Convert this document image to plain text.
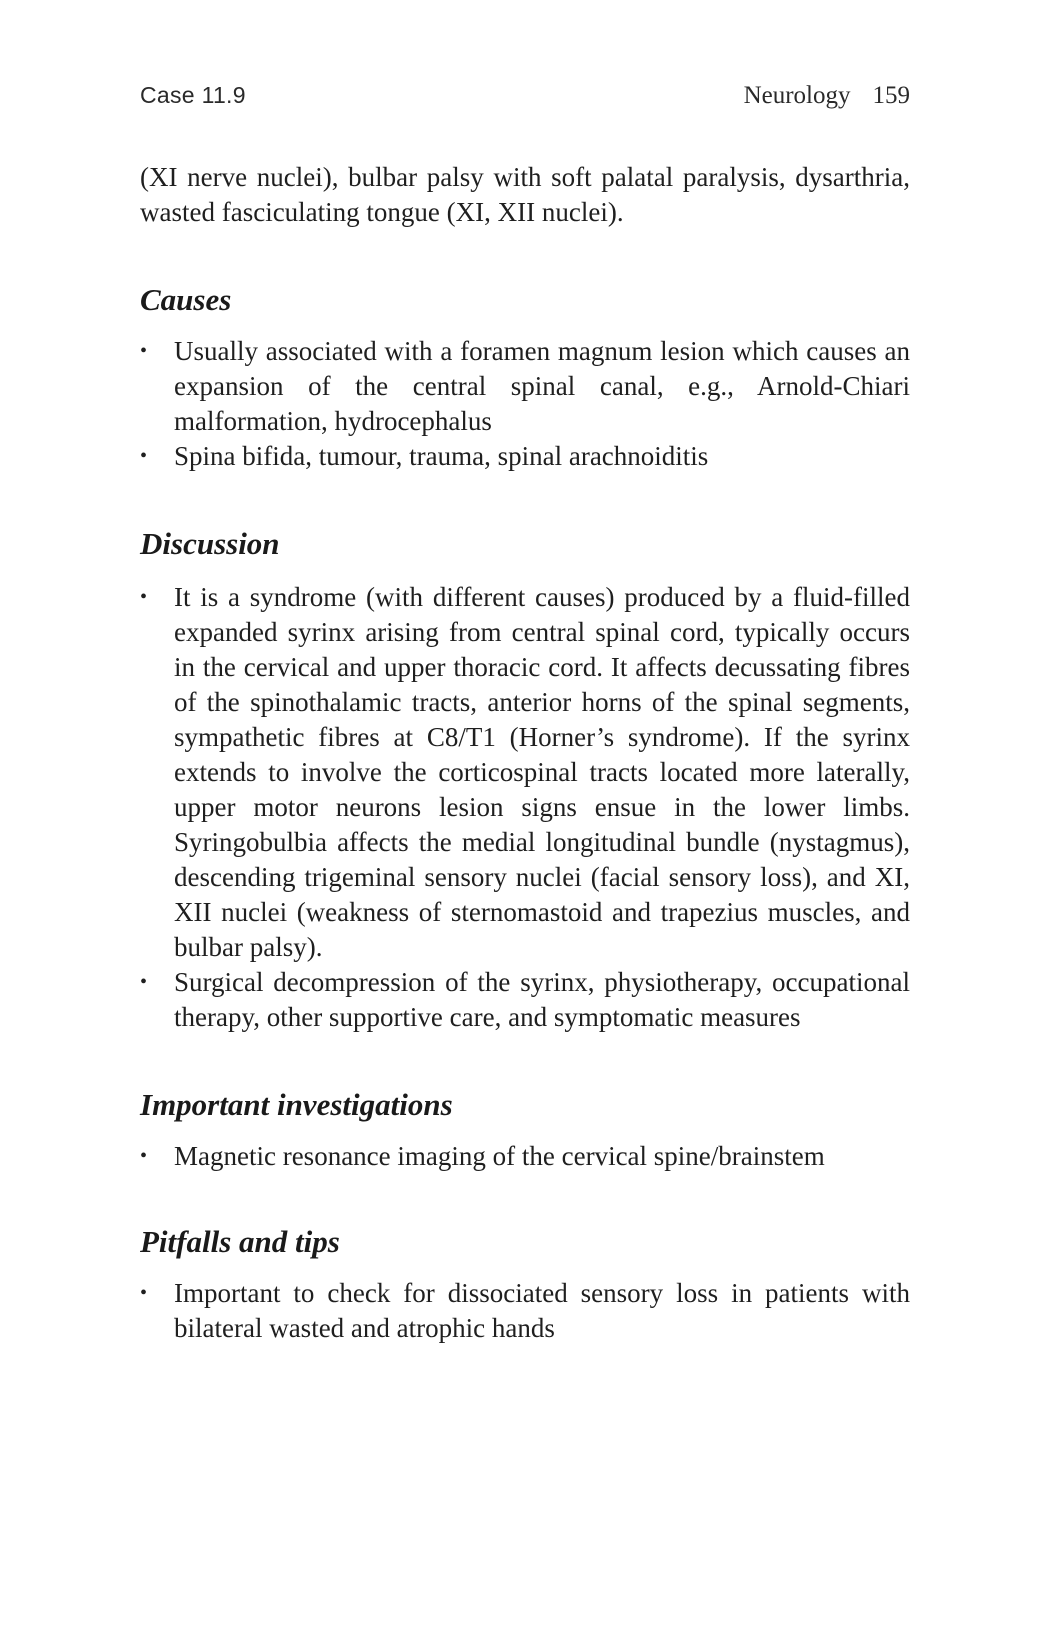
Case 11.9	Neurology 159

(XI nerve nuclei), bulbar palsy with soft palatal paralysis, dysarthria, wasted fasciculating tongue (XI, XII nuclei).

Causes
• Usually associated with a foramen magnum lesion which causes an expansion of the central spinal canal, e.g., Arnold-Chiari malformation, hydrocephalus
• Spina bifida, tumour, trauma, spinal arachnoiditis
Discussion
• It is a syndrome (with different causes) produced by a fluid-filled expanded syrinx arising from central spinal cord, typically occurs in the cervical and upper thoracic cord. It affects decussating fibres of the spinothalamic tracts, anterior horns of the spinal segments, sympathetic fibres at C8/T1 (Horner’s syndrome). If the syrinx extends to involve the corticospinal tracts located more laterally, upper motor neurons lesion signs ensue in the lower limbs. Syringobulbia affects the medial longitudinal bundle (nystagmus), descending trigeminal sensory nuclei (facial sensory loss), and XI, XII nuclei (weakness of sternomastoid and trapezius muscles, and bulbar palsy).
• Surgical decompression of the syrinx, physiotherapy, occupational therapy, other supportive care, and symptomatic measures
Important investigations
• Magnetic resonance imaging of the cervical spine/brainstem
Pitfalls and tips
• Important to check for dissociated sensory loss in patients with bilateral wasted and atrophic hands
